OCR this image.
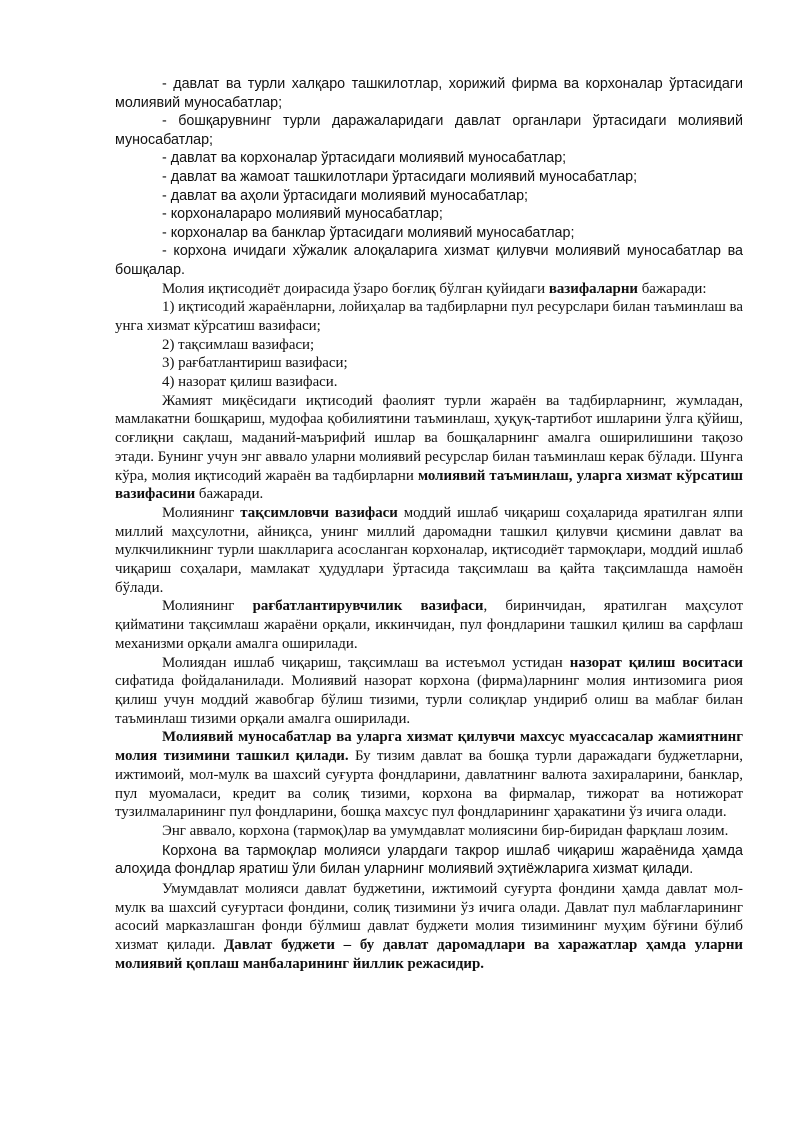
- давлат ва турли халқаро ташкилотлар, хорижий фирма ва корхоналар ўртасидаги молиявий муносабатлар;

- бошқарувнинг турли даражаларидаги давлат органлари ўртасидаги молиявий муносабатлар;

- давлат ва корхоналар ўртасидаги молиявий муносабатлар;

- давлат ва жамоат ташкилотлари ўртасидаги молиявий муносабатлар;

- давлат ва аҳоли ўртасидаги молиявий муносабатлар;

- корхоналараро молиявий муносабатлар;

- корхоналар ва банклар ўртасидаги молиявий муносабатлар;

- корхона ичидаги хўжалик алоқаларига хизмат қилувчи молиявий муносабатлар ва бошқалар.

Молия иқтисодиёт доирасида ўзаро боғлиқ бўлган қуйидаги вазифаларни бажаради:

1) иқтисодий жараёнларни, лойиҳалар ва тадбирларни пул ресурслари билан таъминлаш ва унга хизмат кўрсатиш вазифаси;

2) тақсимлаш вазифаси;

3) рағбатлантириш вазифаси;

4) назорат қилиш вазифаси.

Жамият миқёсидаги иқтисодий фаолият турли жараён ва тадбирларнинг, жумладан, мамлакатни бошқариш, мудофаа қобилиятини таъминлаш, ҳуқуқ-тартибот ишларини ўлга қўйиш, соғлиқни сақлаш, маданий-маърифий ишлар ва бошқаларнинг амалга оширилишини тақозо этади. Бунинг учун энг аввало уларни молиявий ресурслар билан таъминлаш керак бўлади. Шунга кўра, молия иқтисодий жараён ва тадбирларни молиявий таъминлаш, уларга хизмат кўрсатиш вазифасини бажаради.

Молиянинг тақсимловчи вазифаси моддий ишлаб чиқариш соҳаларида яратилган ялпи миллий маҳсулотни, айниқса, унинг миллий даромадни ташкил қилувчи қисмини давлат ва мулкчиликнинг турли шаклларига асосланган корхоналар, иқтисодиёт тармоқлари, моддий ишлаб чиқариш соҳалари, мамлакат ҳудудлари ўртасида тақсимлаш ва қайта тақсимлашда намоён бўлади.

Молиянинг рағбатлантирувчилик вазифаси, биринчидан, яратилган маҳсулот қийматини тақсимлаш жараёни орқали, иккинчидан, пул фондларини ташкил қилиш ва сарфлаш механизми орқали амалга оширилади.

Молиядан ишлаб чиқариш, тақсимлаш ва истеъмол устидан назорат қилиш воситаси сифатида фойдаланилади. Молиявий назорат корхона (фирма)ларнинг молия интизомига риоя қилиш учун моддий жавобгар бўлиш тизими, турли солиқлар ундириб олиш ва маблағ билан таъминлаш тизими орқали амалга оширилади.

Молиявий муносабатлар ва уларга хизмат қилувчи махсус муассасалар жамиятнинг молия тизимини ташкил қилади. Бу тизим давлат ва бошқа турли даражадаги буджетларни, ижтимоий, мол-мулк ва шахсий суғурта фондларини, давлатнинг валюта захираларини, банклар, пул муомаласи, кредит ва солиқ тизими, корхона ва фирмалар, тижорат ва нотижорат тузилмаларининг пул фондларини, бошқа махсус пул фондларининг ҳаракатини ўз ичига олади.

Энг аввало, корхона (тармоқ)лар ва умумдавлат молиясини бир-биридан фарқлаш лозим.

Корхона ва тармоқлар молияси улардаги такрор ишлаб чиқариш жараёнида ҳамда алоҳида фондлар яратиш ўли билан уларнинг молиявий эҳтиёжларига хизмат қилади.

Умумдавлат молияси давлат буджетини, ижтимоий суғурта фондини ҳамда давлат мол-мулк ва шахсий суғуртаси фондини, солиқ тизимини ўз ичига олади. Давлат пул маблағларининг асосий марказлашган фонди бўлмиш давлат буджети молия тизимининг муҳим бўғини бўлиб хизмат қилади. Давлат буджети – бу давлат даромадлари ва харажатлар ҳамда уларни молиявий қоплаш манбаларининг йиллик режасидир.
